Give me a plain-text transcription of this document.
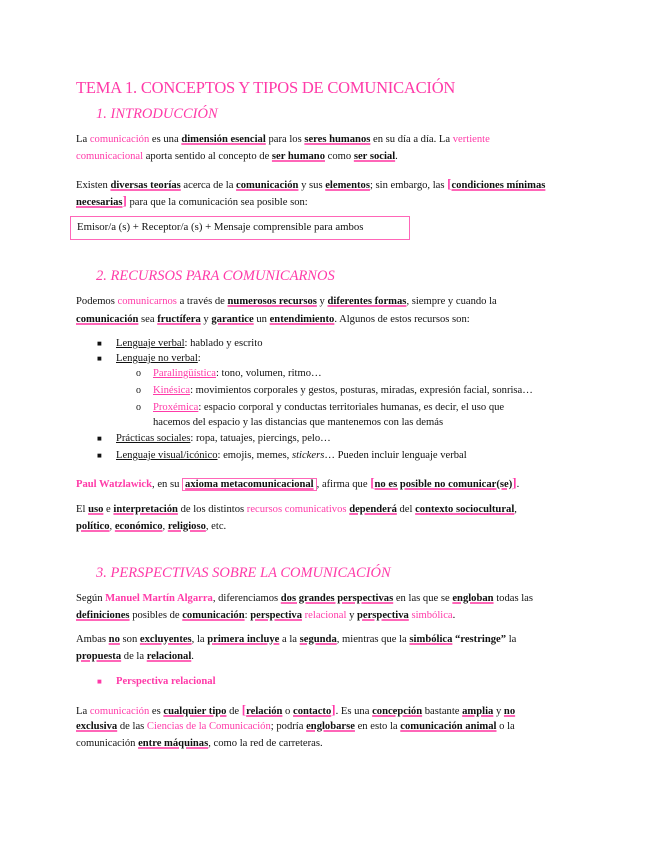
TEMA 1. CONCEPTOS Y TIPOS DE COMUNICACIÓN
1. INTRODUCCIÓN
La comunicación es una dimensión esencial para los seres humanos en su día a día. La vertiente
comunicacional aporta sentido al concepto de ser humano como ser social.
Existen diversas teorías acerca de la comunicación y sus elementos; sin embargo, las [condiciones mínimas
necesarias] para que la comunicación sea posible son:
Emisor/a (s) + Receptor/a (s) + Mensaje comprensible para ambos
2. RECURSOS PARA COMUNICARNOS
Podemos comunicarnos a través de numerosos recursos y diferentes formas, siempre y cuando la
comunicación sea fructífera y garantice un entendimiento. Algunos de estos recursos son:
■ Lenguaje verbal: hablado y escrito
■ Lenguaje no verbal:
o Paralingüística: tono, volumen, ritmo…
o Kinésica: movimientos corporales y gestos, posturas, miradas, expresión facial, sonrisa…
o Proxémica: espacio corporal y conductas territoriales humanas, es decir, el uso que
hacemos del espacio y las distancias que mantenemos con las demás
■ Prácticas sociales: ropa, tatuajes, piercings, pelo…
■ Lenguaje visual/icónico: emojis, memes, stickers… Pueden incluir lenguaje verbal
Paul Watzlawick, en su axioma metacomunicacional , afirma que [no es posible no comunicar(se)].
El uso e interpretación de los distintos recursos comunicativos dependerá del contexto sociocultural,
político, económico, religioso, etc.
3. PERSPECTIVAS SOBRE LA COMUNICACIÓN
Según Manuel Martín Algarra, diferenciamos dos grandes perspectivas en las que se engloban todas las
definiciones posibles de comunicación: perspectiva relacional y perspectiva simbólica.
Ambas no son excluyentes, la primera incluye a la segunda, mientras que la simbólica “restringe” la
propuesta de la relacional.
■ Perspectiva relacional
La comunicación es cualquier tipo de [relación o contacto]. Es una concepción bastante amplia y no
exclusiva de las Ciencias de la Comunicación; podría englobarse en esto la comunicación animal o la
comunicación entre máquinas, como la red de carreteras.
